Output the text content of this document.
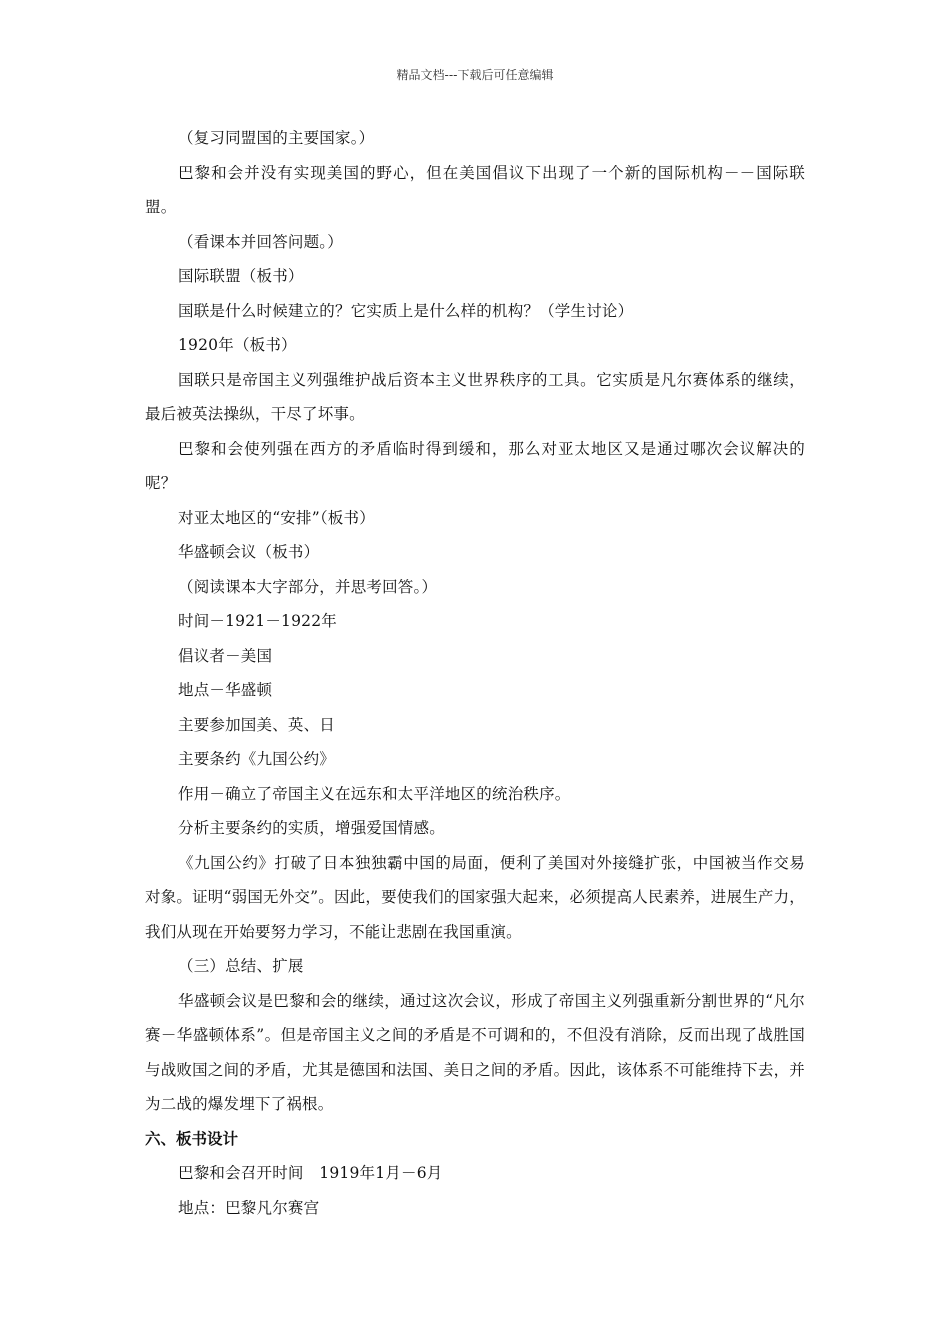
精品文档---下载后可任意编辑

（复习同盟国的主要国家。）

巴黎和会并没有实现美国的野心，但在美国倡议下出现了一个新的国际机构－－国际联盟。

（看课本并回答问题。）

国际联盟（板书）

国联是什么时候建立的？它实质上是什么样的机构？（学生讨论）

1920年（板书）

国联只是帝国主义列强维护战后资本主义世界秩序的工具。它实质是凡尔赛体系的继续，最后被英法操纵，干尽了坏事。

巴黎和会使列强在西方的矛盾临时得到缓和，那么对亚太地区又是通过哪次会议解决的呢？

对亚太地区的“安排”（板书）

华盛顿会议（板书）

（阅读课本大字部分，并思考回答。）

时间－1921－1922年

倡议者－美国

地点－华盛顿

主要参加国美、英、日

主要条约《九国公约》

作用－确立了帝国主义在远东和太平洋地区的统治秩序。

分析主要条约的实质，增强爱国情感。

《九国公约》打破了日本独独霸中国的局面，便利了美国对外接缝扩张，中国被当作交易对象。证明“弱国无外交”。因此，要使我们的国家强大起来，必须提高人民素养，进展生产力，我们从现在开始要努力学习，不能让悲剧在我国重演。

（三）总结、扩展

华盛顿会议是巴黎和会的继续，通过这次会议，形成了帝国主义列强重新分割世界的“凡尔赛－华盛顿体系”。但是帝国主义之间的矛盾是不可调和的，不但没有消除，反而出现了战胜国与战败国之间的矛盾，尤其是德国和法国、美日之间的矛盾。因此，该体系不可能维持下去，并为二战的爆发埋下了祸根。

六、板书设计

巴黎和会召开时间　1919年1月－6月

地点：巴黎凡尔赛宫
